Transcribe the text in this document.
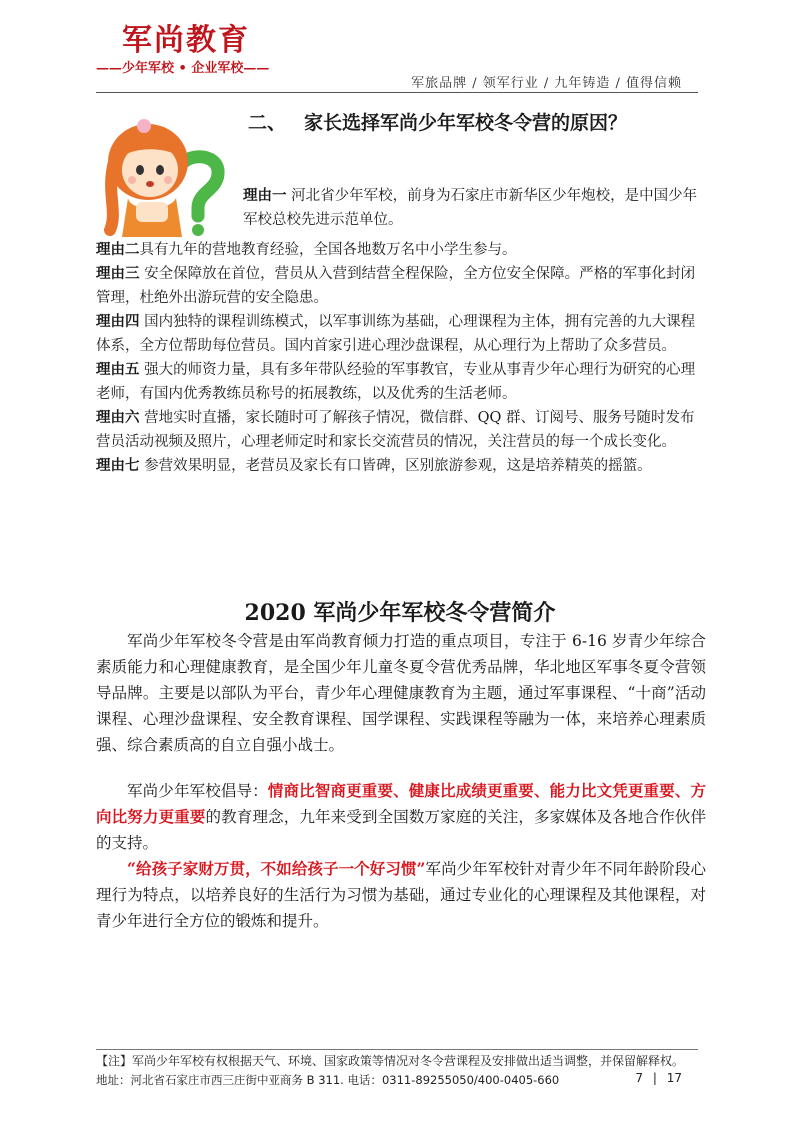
军尚教育
——少年军校 • 企业军校——
军旅品牌 / 领军行业 / 九年铸造 / 值得信赖
二、 家长选择军尚少年军校冬令营的原因？
理由一 河北省少年军校，前身为石家庄市新华区少年炮校，是中国少年军校总校先进示范单位。

理由二具有九年的营地教育经验，全国各地数万名中小学生参与。

理由三 安全保障放在首位，营员从入营到结营全程保险，全方位安全保障。严格的军事化封闭管理，杜绝外出游玩营的安全隐患。

理由四 国内独特的课程训练模式，以军事训练为基础，心理课程为主体，拥有完善的九大课程体系，全方位帮助每位营员。国内首家引进心理沙盘课程，从心理行为上帮助了众多营员。

理由五 强大的师资力量，具有多年带队经验的军事教官，专业从事青少年心理行为研究的心理老师，有国内优秀教练员称号的拓展教练，以及优秀的生活老师。

理由六 营地实时直播，家长随时可了解孩子情况，微信群、QQ 群、订阅号、服务号随时发布营员活动视频及照片，心理老师定时和家长交流营员的情况，关注营员的每一个成长变化。

理由七 参营效果明显，老营员及家长有口皆碑，区别旅游参观，这是培养精英的摇篮。

2020 军尚少年军校冬令营简介

军尚少年军校冬令营是由军尚教育倾力打造的重点项目，专注于 6-16 岁青少年综合素质能力和心理健康教育，是全国少年儿童冬夏令营优秀品牌，华北地区军事冬夏令营领导品牌。主要是以部队为平台，青少年心理健康教育为主题，通过军事课程、“十商”活动课程、心理沙盘课程、安全教育课程、国学课程、实践课程等融为一体，来培养心理素质强、综合素质高的自立自强小战士。

军尚少年军校倡导：情商比智商更重要、健康比成绩更重要、能力比文凭更重要、方向比努力更重要的教育理念，九年来受到全国数万家庭的关注，多家媒体及各地合作伙伴的支持。

“给孩子家财万贯，不如给孩子一个好习惯”军尚少年军校针对青少年不同年龄阶段心理行为特点，以培养良好的生活行为习惯为基础，通过专业化的心理课程及其他课程，对青少年进行全方位的锻炼和提升。

【注】军尚少年军校有权根据天气、环境、国家政策等情况对冬令营课程及安排做出适当调整，并保留解释权。
地址：河北省石家庄市西三庄街中亚商务 B 311. 电话：0311-89255050/400-0405-660	7 | 17
